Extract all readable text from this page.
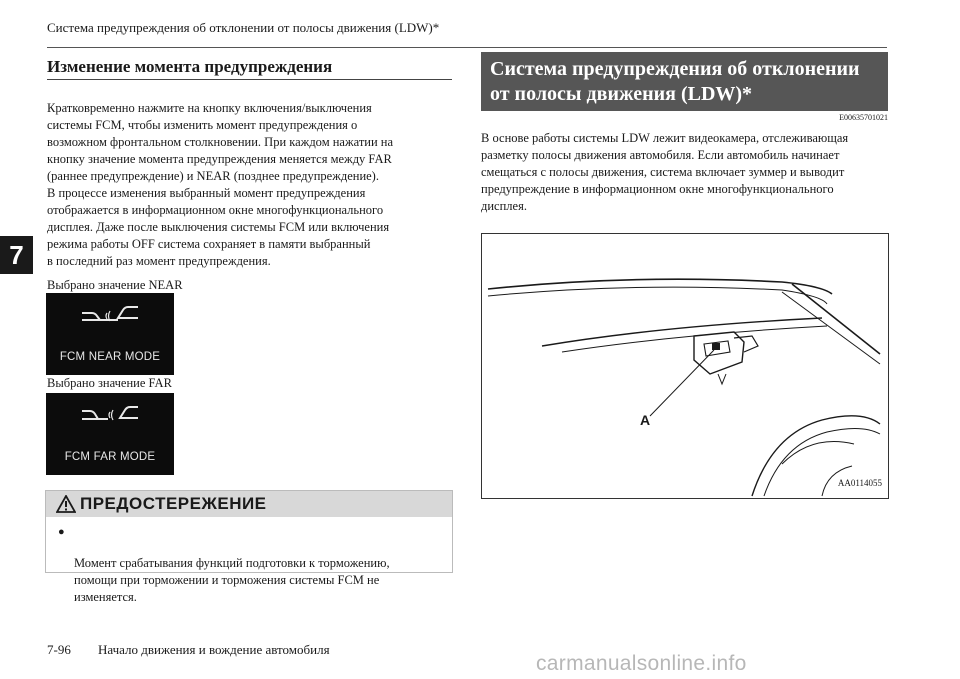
Система предупреждения об отклонении от полосы движения (LDW)*
7
Изменение момента предупреждения

Кратковременно нажмите на кнопку включения/выключения
системы FCM, чтобы изменить момент предупреждения о
возможном фронтальном столкновении. При каждом нажатии на
кнопку значение момента предупреждения меняется между FAR
(раннее предупреждение) и NEAR (позднее предупреждение).

В процессе изменения выбранный момент предупреждения
отображается в информационном окне многофункционального
дисплея. Даже после выключения системы FCM или включения
режима работы OFF система сохраняет в памяти выбранный
в последний раз момент предупреждения.

Выбрано значение NEAR
FCM NEAR MODE
Выбрано значение FAR
FCM FAR MODE
ПРЕДОСТЕРЕЖЕНИЕ

●

Момент срабатывания функций подготовки к торможению,
помощи при торможении и торможения системы FCM не
изменяется.

Система предупреждения об отклонении
от полосы движения (LDW)*
E00635701021
В основе работы системы LDW лежит видеокамера, отслеживающая
разметку полосы движения автомобиля. Если автомобиль начинает
смещаться с полосы движения, система включает зуммер и выводит
предупреждение в информационном окне многофункционального
дисплея.
A
AA0114055
7-96 Начало движения и вождение автомобиля
carmanualsonline.info
